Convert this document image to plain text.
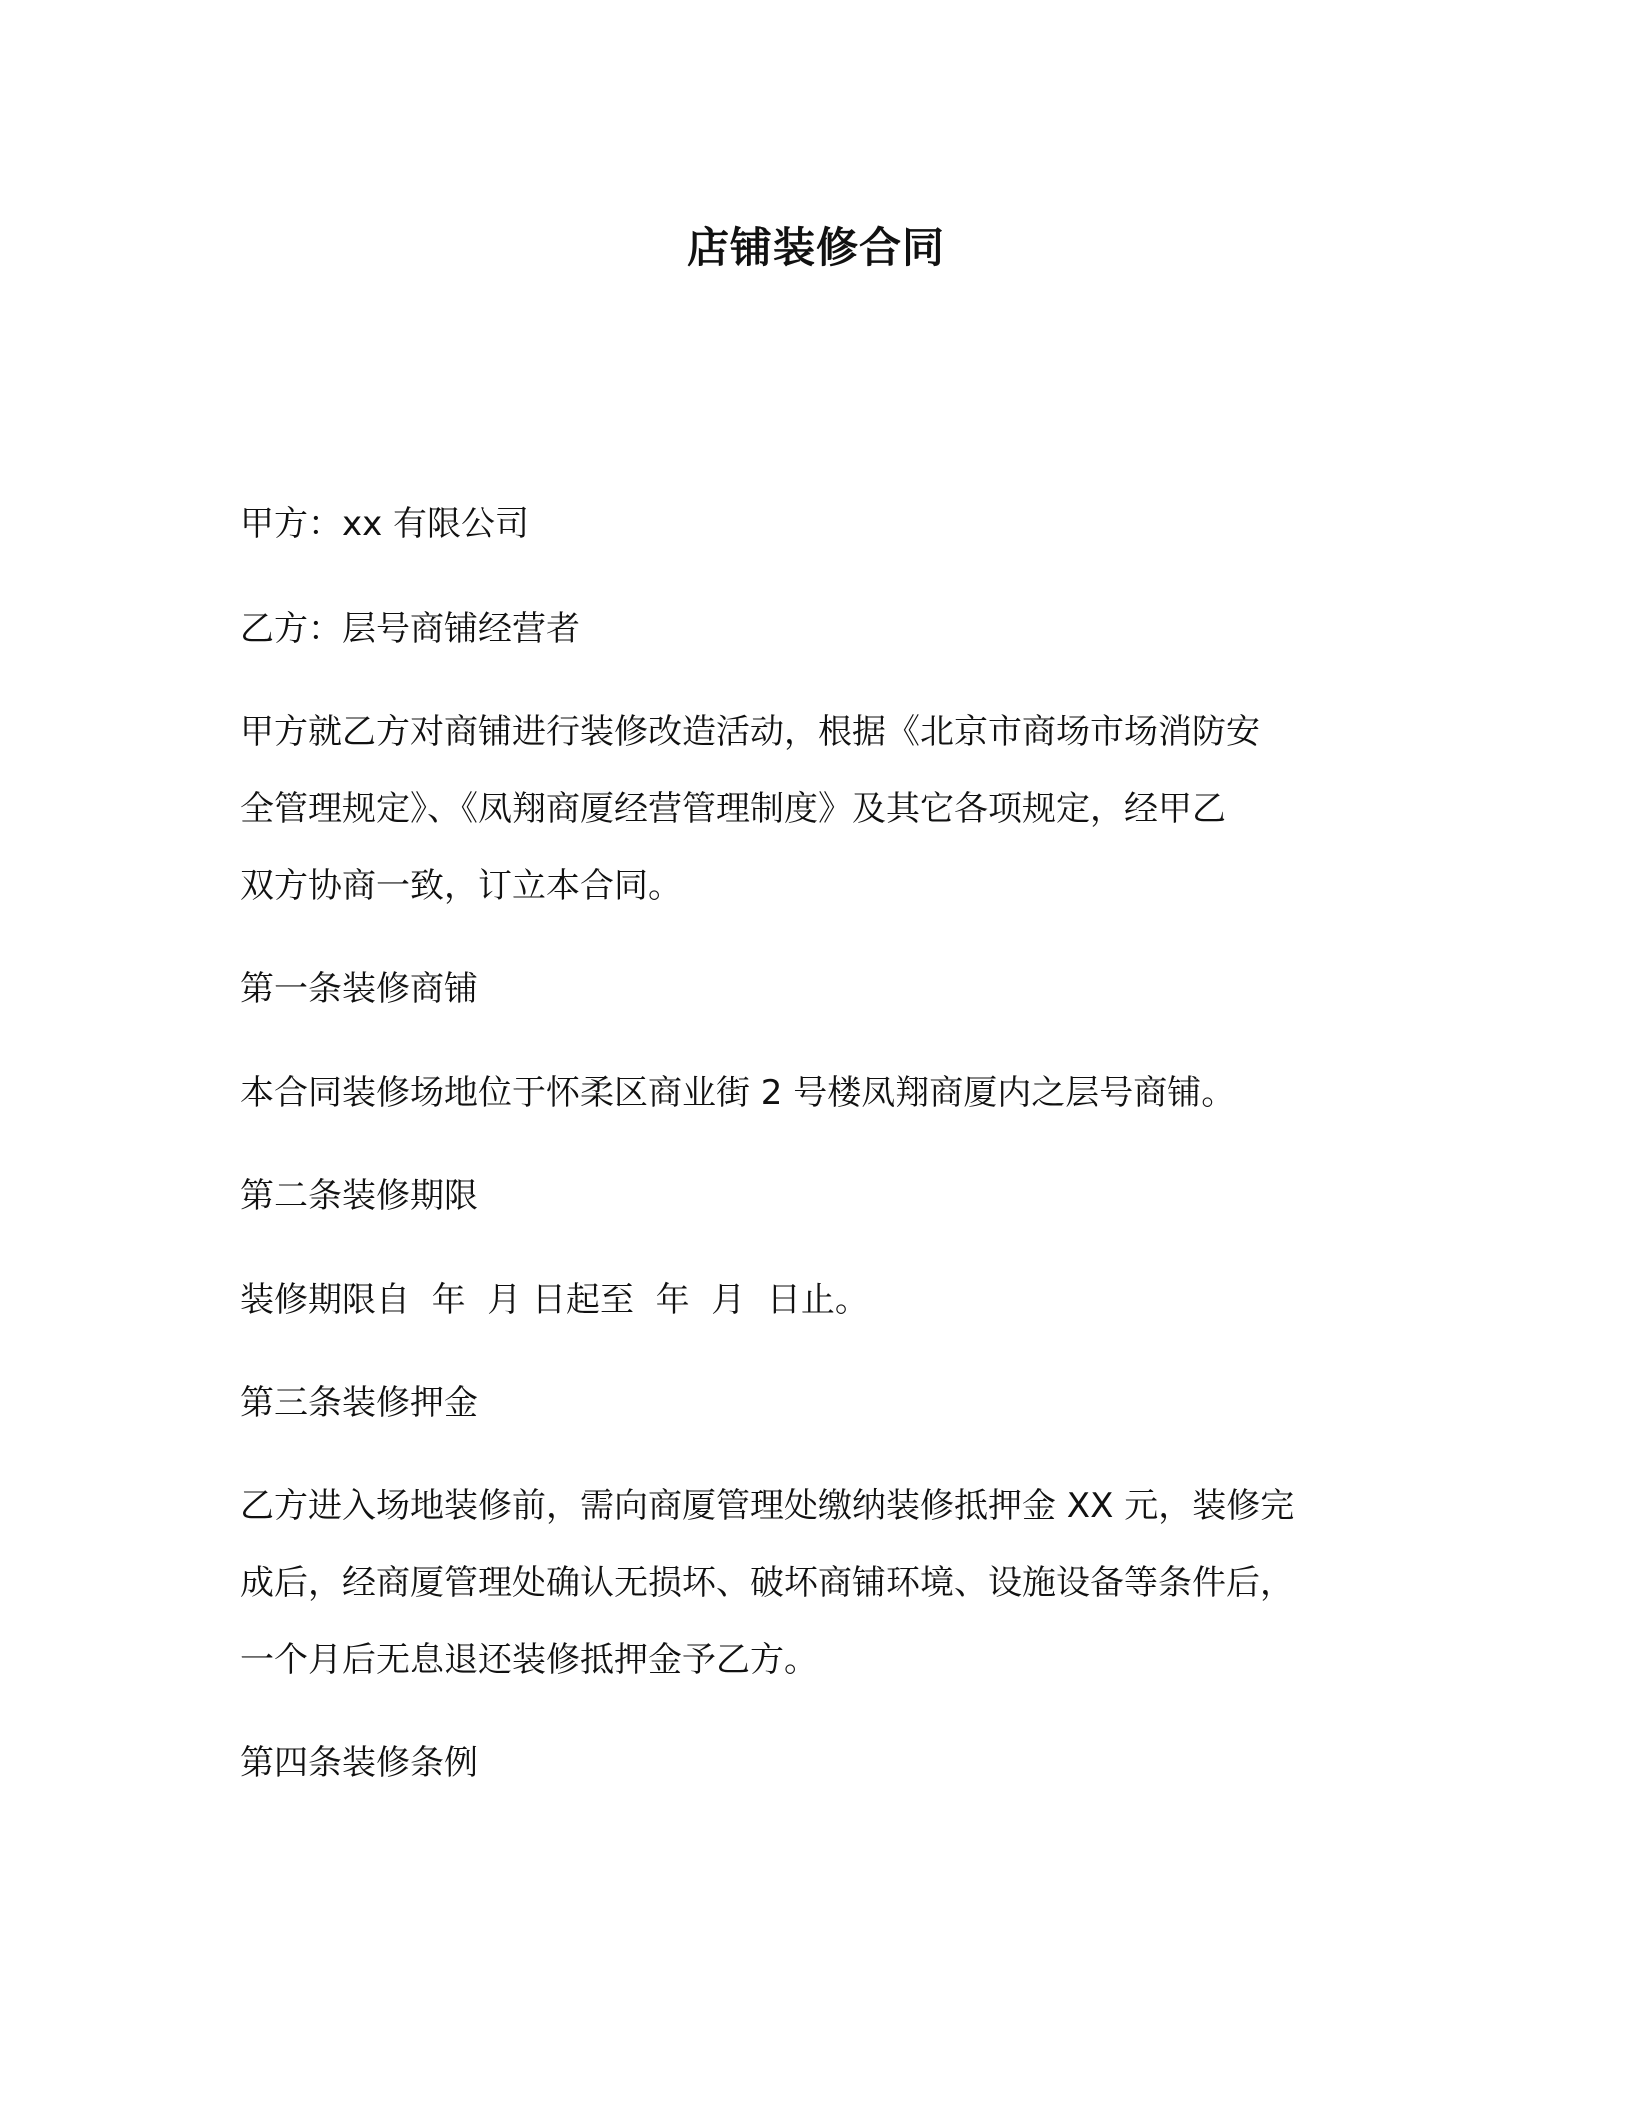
店铺装修合同

甲方：xx 有限公司

乙方：层号商铺经营者

甲方就乙方对商铺进行装修改造活动，根据《北京市商场市场消防安

全管理规定》、《凤翔商厦经营管理制度》及其它各项规定，经甲乙

双方协商一致，订立本合同。

第一条装修商铺

本合同装修场地位于怀柔区商业街 2 号楼凤翔商厦内之层号商铺。

第二条装修期限

装修期限自  年  月 日起至  年  月  日止。

第三条装修押金

乙方进入场地装修前，需向商厦管理处缴纳装修抵押金 XX 元，装修完

成后，经商厦管理处确认无损坏、破坏商铺环境、设施设备等条件后，

一个月后无息退还装修抵押金予乙方。

第四条装修条例
